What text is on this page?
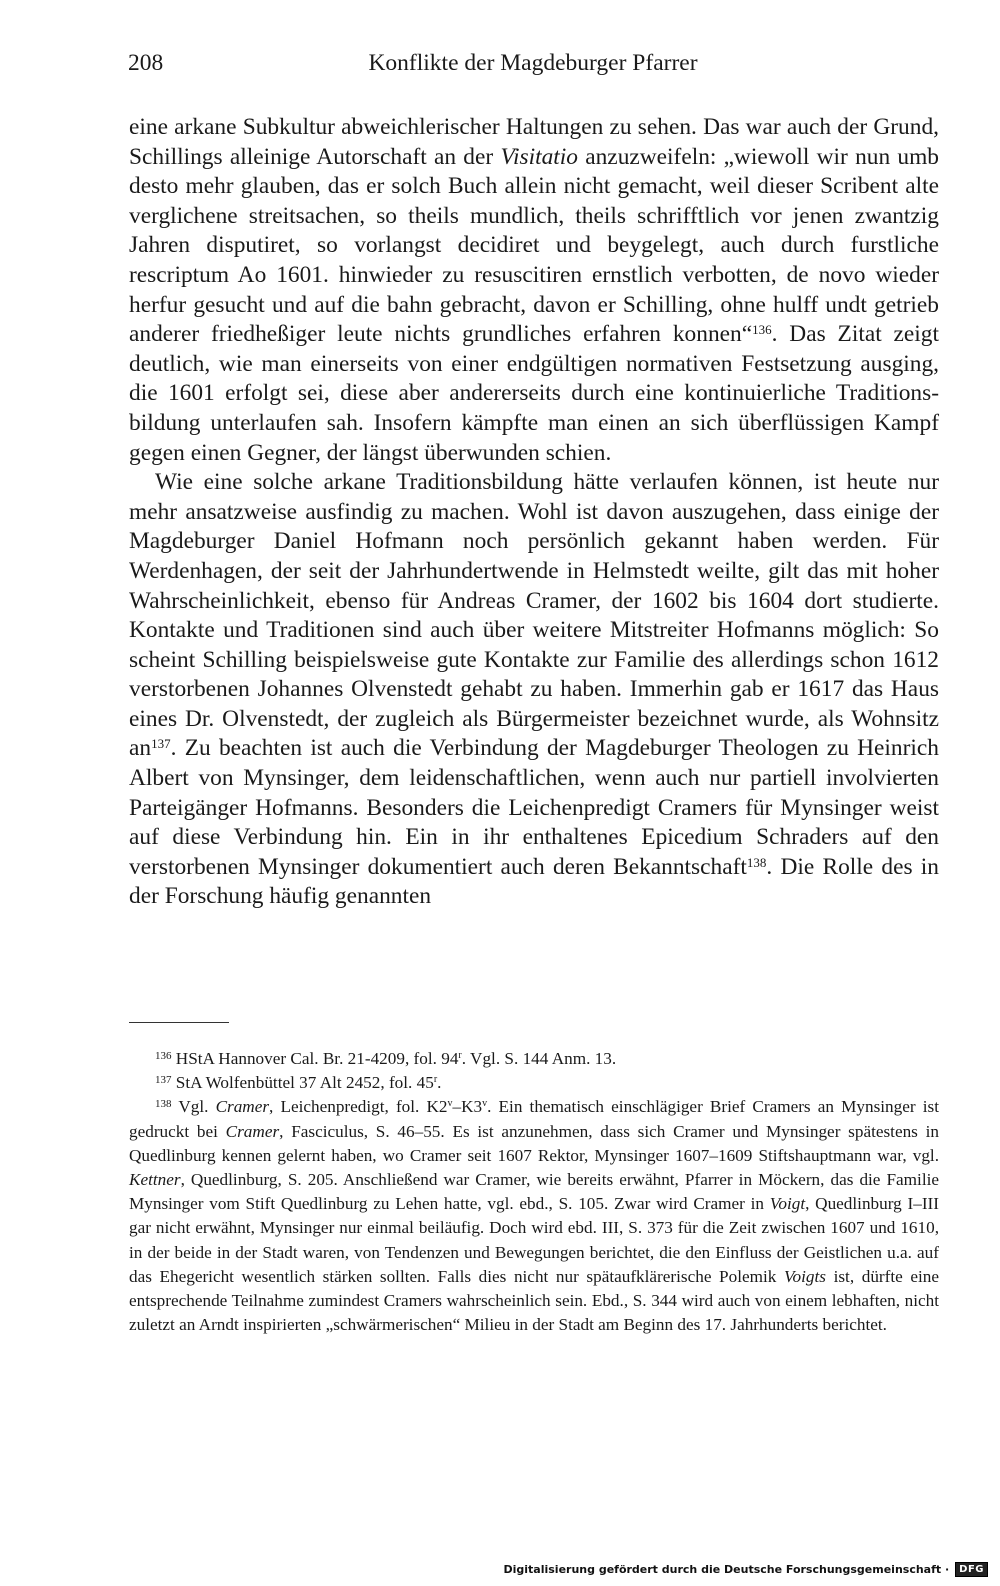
208	Konflikte der Magdeburger Pfarrer

eine arkane Subkultur abweichlerischer Haltungen zu sehen. Das war auch der Grund, Schillings alleinige Autorschaft an der Visitatio anzuzweifeln: „wiewoll wir nun umb desto mehr glauben, das er solch Buch allein nicht gemacht, weil dieser Scribent alte verglichene streitsachen, so theils mundlich, theils schrifftlich vor jenen zwantzig Jahren disputiret, so vorlangst decidiret und beygelegt, auch durch furstliche rescriptum Ao 1601. hinwieder zu resuscitiren ernstlich verbotten, de novo wieder herfur gesucht und auf die bahn gebracht, davon er Schilling, ohne hulff undt getrieb anderer friedheßiger leute nichts grundliches erfahren konnen“$^{136}$. Das Zitat zeigt deutlich, wie man einerseits von einer endgültigen normativen Festsetzung ausging, die 1601 erfolgt sei, diese aber andererseits durch eine kontinuierliche Traditionsbildung unterlaufen sah. Insofern kämpfte man einen an sich überflüssigen Kampf gegen einen Gegner, der längst überwunden schien.

Wie eine solche arkane Traditionsbildung hätte verlaufen können, ist heute nur mehr ansatzweise ausfindig zu machen. Wohl ist davon auszugehen, dass einige der Magdeburger Daniel Hofmann noch persönlich gekannt haben werden. Für Werdenhagen, der seit der Jahrhundertwende in Helmstedt weilte, gilt das mit hoher Wahrscheinlichkeit, ebenso für Andreas Cramer, der 1602 bis 1604 dort studierte. Kontakte und Traditionen sind auch über weitere Mitstreiter Hofmanns möglich: So scheint Schilling beispielsweise gute Kontakte zur Familie des allerdings schon 1612 verstorbenen Johannes Olvenstedt gehabt zu haben. Immerhin gab er 1617 das Haus eines Dr. Olvenstedt, der zugleich als Bürgermeister bezeichnet wurde, als Wohnsitz an$^{137}$. Zu beachten ist auch die Verbindung der Magdeburger Theologen zu Heinrich Albert von Mynsinger, dem leidenschaftlichen, wenn auch nur partiell involvierten Parteigänger Hofmanns. Besonders die Leichenpredigt Cramers für Mynsinger weist auf diese Verbindung hin. Ein in ihr enthaltenes Epicedium Schraders auf den verstorbenen Mynsinger dokumentiert auch deren Bekanntschaft$^{138}$. Die Rolle des in der Forschung häufig genannten

$^{136}$ HStA Hannover Cal. Br. 21-4209, fol. 94$^r$. Vgl. S. 144 Anm. 13.

$^{137}$ StA Wolfenbüttel 37 Alt 2452, fol. 45$^r$.

$^{138}$ Vgl. Cramer, Leichenpredigt, fol. K2$^v$–K3$^v$. Ein thematisch einschlägiger Brief Cramers an Mynsinger ist gedruckt bei Cramer, Fasciculus, S. 46–55. Es ist anzunehmen, dass sich Cramer und Mynsinger spätestens in Quedlinburg kennen gelernt haben, wo Cramer seit 1607 Rektor, Mynsinger 1607–1609 Stiftshauptmann war, vgl. Kettner, Quedlinburg, S. 205. Anschließend war Cramer, wie bereits erwähnt, Pfarrer in Möckern, das die Familie Mynsinger vom Stift Quedlinburg zu Lehen hatte, vgl. ebd., S. 105. Zwar wird Cramer in Voigt, Quedlinburg I–III gar nicht erwähnt, Mynsinger nur einmal beiläufig. Doch wird ebd. III, S. 373 für die Zeit zwischen 1607 und 1610, in der beide in der Stadt waren, von Tendenzen und Bewegungen berichtet, die den Einfluss der Geistlichen u.a. auf das Ehegericht wesentlich stärken sollten. Falls dies nicht nur spätaufklärerische Polemik Voigts ist, dürfte eine entsprechende Teilnahme zumindest Cramers wahrscheinlich sein. Ebd., S. 344 wird auch von einem lebhaften, nicht zuletzt an Arndt inspirierten „schwärmerischen“ Milieu in der Stadt am Beginn des 17. Jahrhunderts berichtet.

Digitalisierung gefördert durch die Deutsche Forschungsgemeinschaft ·	DFG
